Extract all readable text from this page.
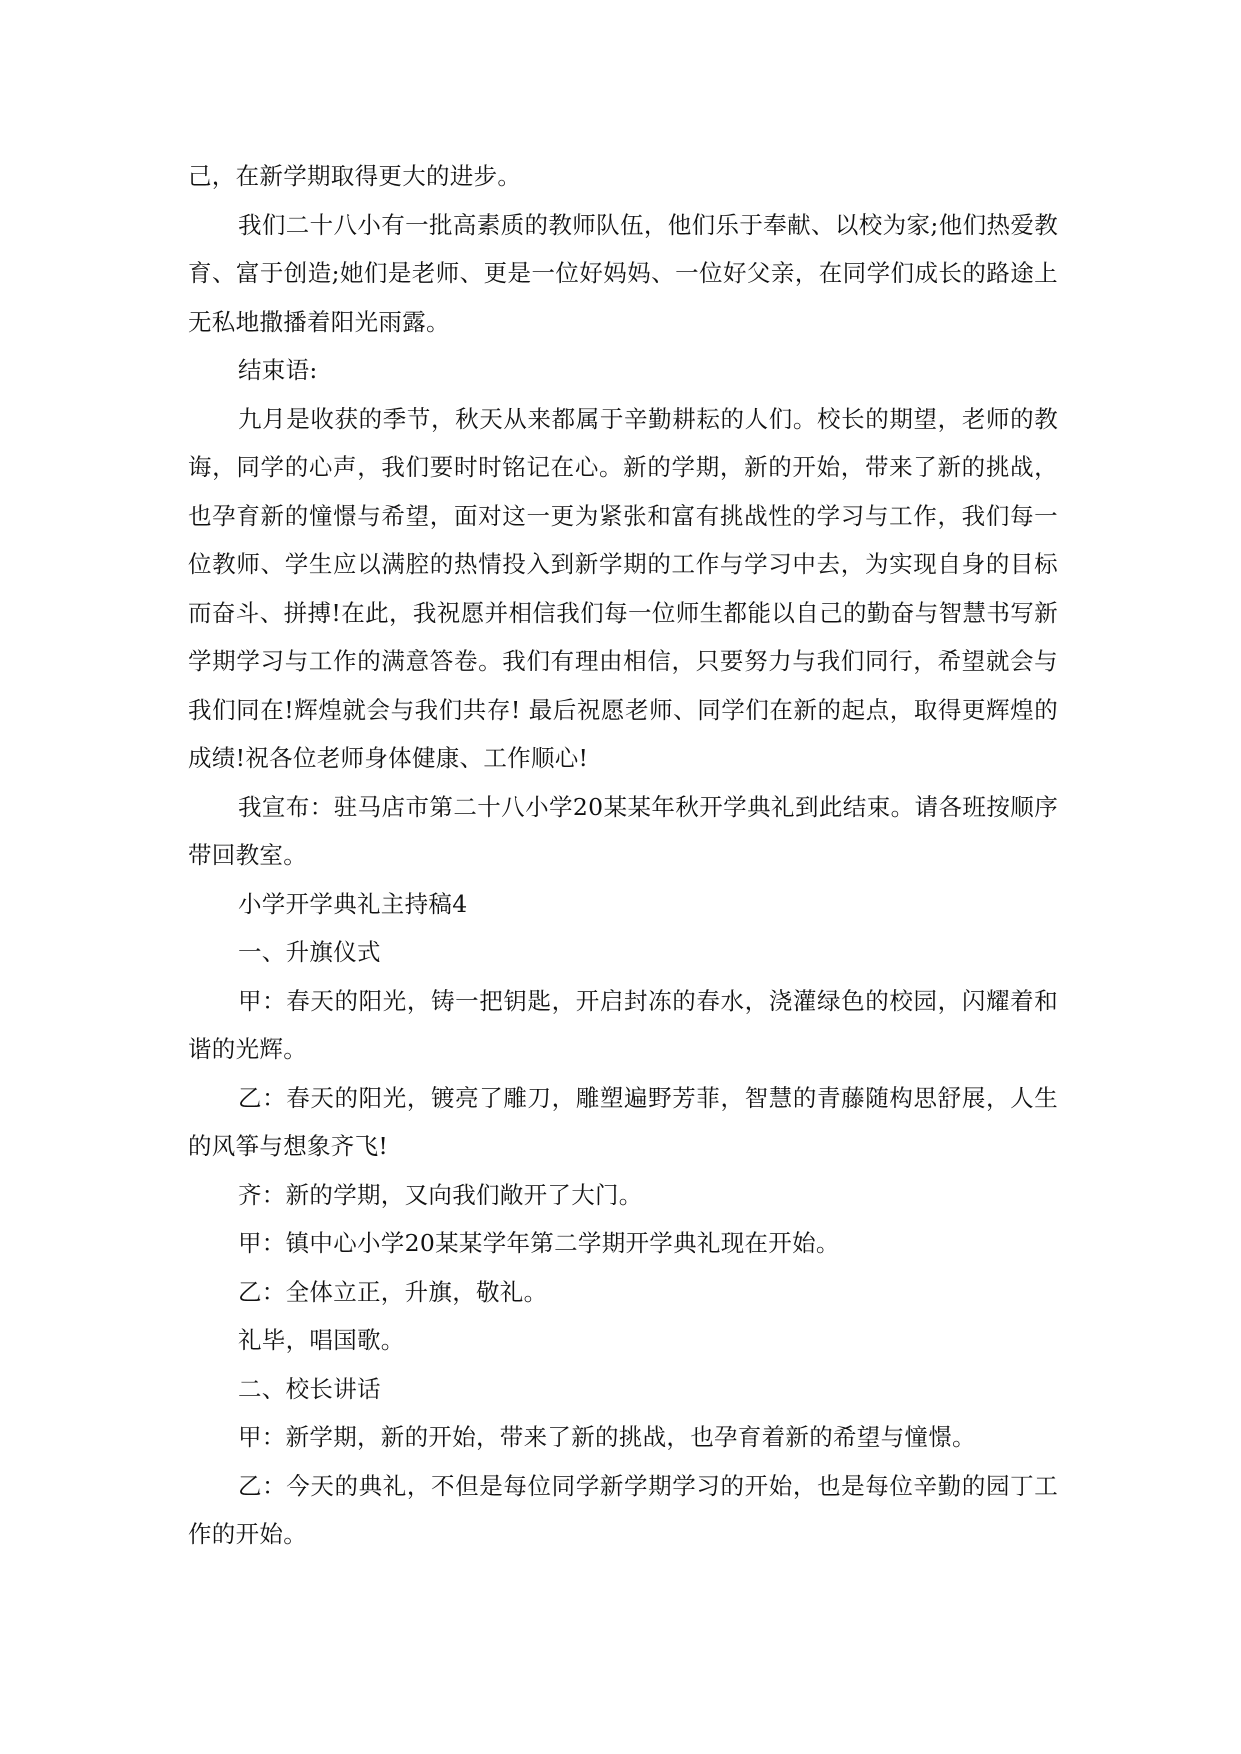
己，在新学期取得更大的进步。

我们二十八小有一批高素质的教师队伍，他们乐于奉献、以校为家;他们热爱教育、富于创造;她们是老师、更是一位好妈妈、一位好父亲，在同学们成长的路途上无私地撒播着阳光雨露。

结束语:

九月是收获的季节，秋天从来都属于辛勤耕耘的人们。校长的期望，老师的教诲，同学的心声，我们要时时铭记在心。新的学期，新的开始，带来了新的挑战，也孕育新的憧憬与希望，面对这一更为紧张和富有挑战性的学习与工作，我们每一位教师、学生应以满腔的热情投入到新学期的工作与学习中去，为实现自身的目标而奋斗、拼搏!在此，我祝愿并相信我们每一位师生都能以自己的勤奋与智慧书写新学期学习与工作的满意答卷。我们有理由相信，只要努力与我们同行，希望就会与我们同在!辉煌就会与我们共存! 最后祝愿老师、同学们在新的起点，取得更辉煌的成绩!祝各位老师身体健康、工作顺心!

我宣布：驻马店市第二十八小学20某某年秋开学典礼到此结束。请各班按顺序带回教室。

小学开学典礼主持稿4

一、升旗仪式

甲：春天的阳光，铸一把钥匙，开启封冻的春水，浇灌绿色的校园，闪耀着和谐的光辉。

乙：春天的阳光，镀亮了雕刀，雕塑遍野芳菲，智慧的青藤随构思舒展，人生的风筝与想象齐飞!

齐：新的学期，又向我们敞开了大门。

甲：镇中心小学20某某学年第二学期开学典礼现在开始。

乙：全体立正，升旗，敬礼。

礼毕，唱国歌。

二、校长讲话

甲：新学期，新的开始，带来了新的挑战，也孕育着新的希望与憧憬。

乙：今天的典礼，不但是每位同学新学期学习的开始，也是每位辛勤的园丁工作的开始。
